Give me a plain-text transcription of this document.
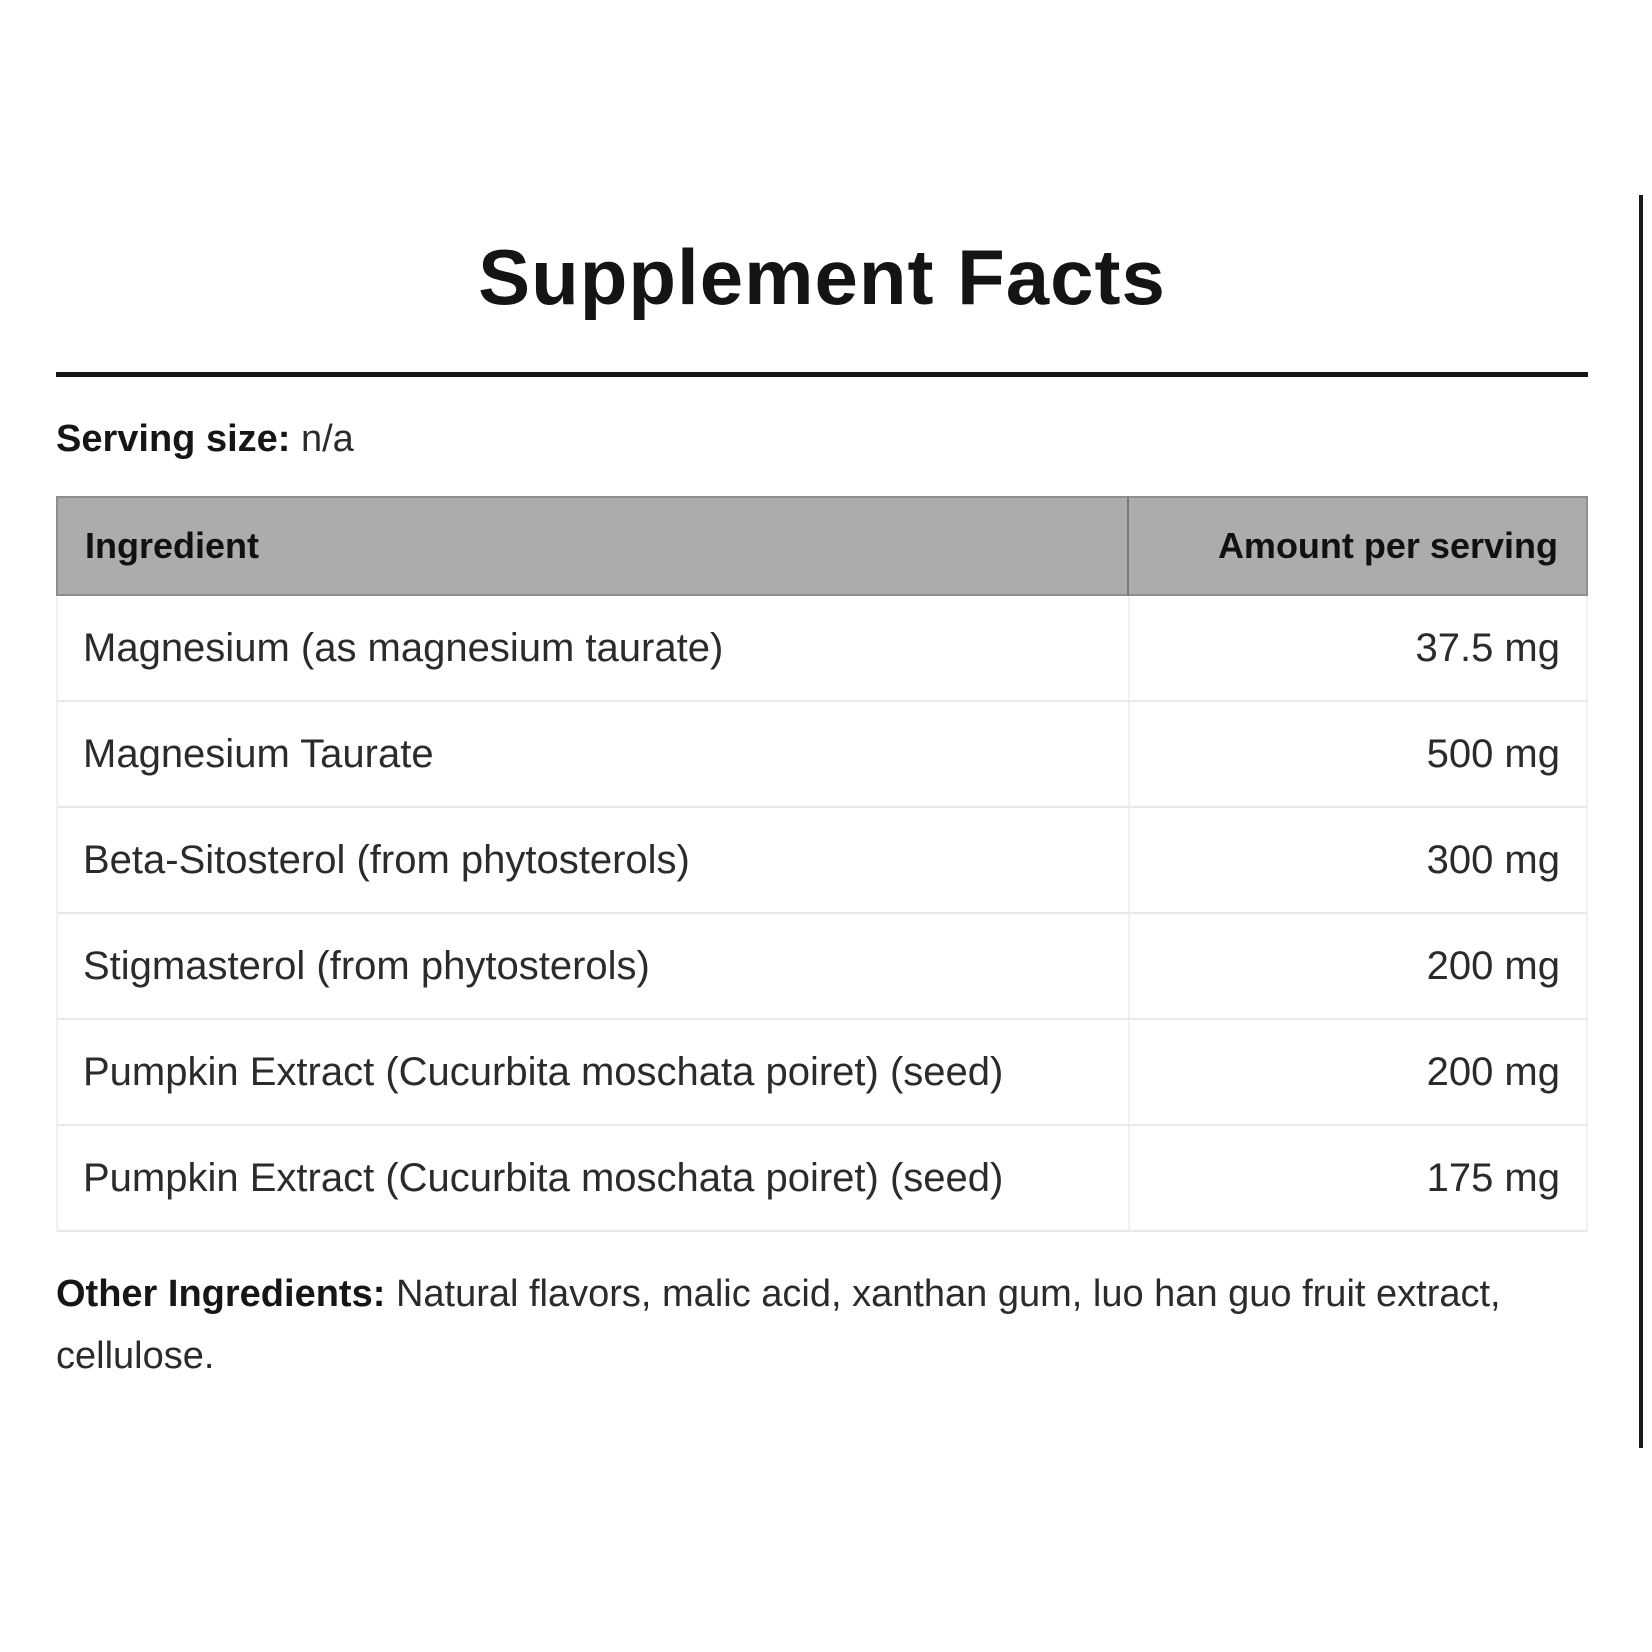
Supplement Facts

Serving size: n/a

Ingredient	Amount per serving
Magnesium (as magnesium taurate)	37.5 mg
Magnesium Taurate	500 mg
Beta-Sitosterol (from phytosterols)	300 mg
Stigmasterol (from phytosterols)	200 mg
Pumpkin Extract (Cucurbita moschata poiret) (seed)	200 mg
Pumpkin Extract (Cucurbita moschata poiret) (seed)	175 mg

Other Ingredients: Natural flavors, malic acid, xanthan gum, luo han guo fruit extract, cellulose.
